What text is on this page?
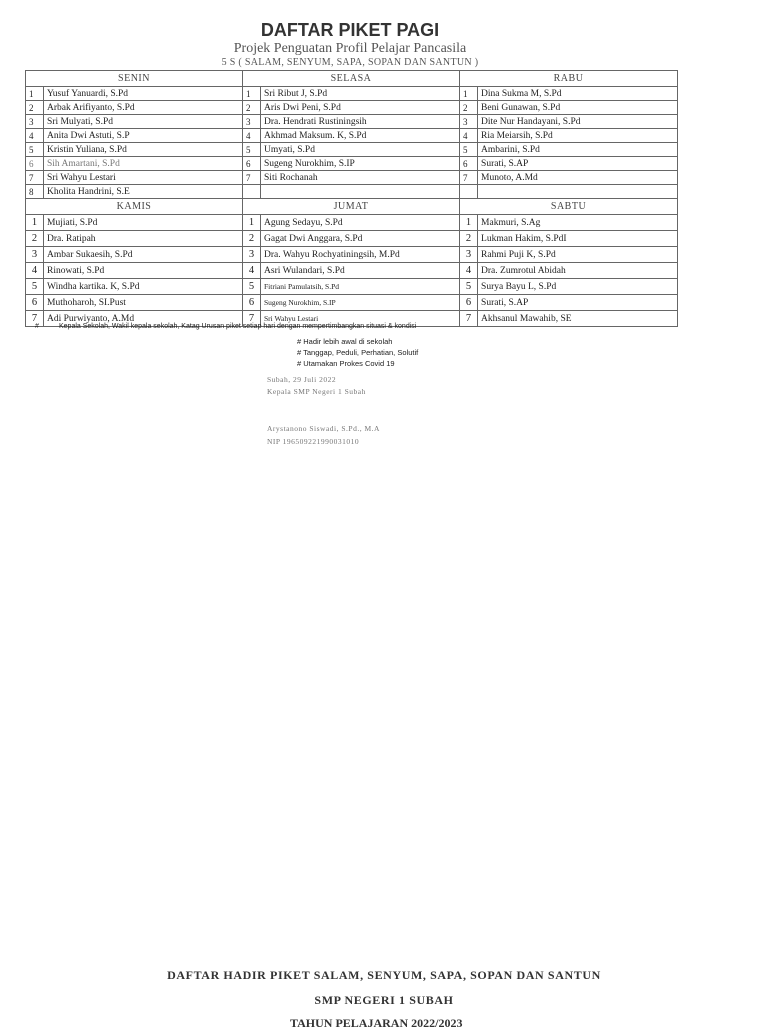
DAFTAR PIKET PAGI
Projek Penguatan Profil Pelajar Pancasila
5 S ( SALAM, SENYUM, SAPA, SOPAN DAN SANTUN )
SENIN		SELASA		RABU	
1	Yusuf Yanuardi, S.Pd	1	Sri Ribut J, S.Pd	1	Dina Sukma M, S.Pd
2	Arbak Arifiyanto, S.Pd	2	Aris Dwi Peni, S.Pd	2	Beni Gunawan, S.Pd
3	Sri Mulyati, S.Pd	3	Dra. Hendrati Rustiningsih	3	Dite Nur Handayani, S.Pd
4	Anita Dwi Astuti, S.P	4	Akhmad Maksum. K, S.Pd	4	Ria Meiarsih, S.Pd
5	Kristin Yuliana, S.Pd	5	Umyati, S.Pd	5	Ambarini, S.Pd
6	Sih Amartani, S.Pd	6	Sugeng Nurokhim, S.IP	6	Surati, S.AP
7	Sri Wahyu Lestari	7	Siti Rochanah	7	Munoto, A.Md
8	Kholita Handrini, S.E				
KAMIS		JUMAT		SABTU	
1	Mujiati, S.Pd	1	Agung Sedayu, S.Pd	1	Makmuri, S.Ag
2	Dra. Ratipah	2	Gagat Dwi Anggara, S.Pd	2	Lukman Hakim, S.PdI
3	Ambar Sukaesih, S.Pd	3	Dra. Wahyu Rochyatiningsih, M.Pd	3	Rahmi Puji K, S.Pd
4	Rinowati, S.Pd	4	Asri Wulandari, S.Pd	4	Dra. Zumrotul Abidah
5	Windha kartika. K, S.Pd	5	Fitriani Pamulatsih, S.Pd	5	Surya Bayu L, S.Pd
6	Muthoharoh, SI.Pust	6	Sugeng Nurokhim, S.IP	6	Surati, S.AP
7	Adi Purwiyanto, A.Md	7	Sri Wahyu Lestari	7	Akhsanul Mawahib, SE
#	Kepala Sekolah, Wakil kepala sekolah, Katag Urusan piket setiap hari dengan mempertimbangkan situasi & kondisi
# Hadir lebih awal di sekolah
# Tanggap, Peduli, Perhatian, Solutif
# Utamakan Prokes Covid 19
Subah, 29 Juli 2022
Kepala SMP Negeri 1 Subah
Arystanono Siswadi, S.Pd., M.A
NIP 196509221990031010
DAFTAR HADIR PIKET SALAM, SENYUM, SAPA, SOPAN DAN SANTUN
SMP NEGERI 1 SUBAH
TAHUN PELAJARAN 2022/2023
